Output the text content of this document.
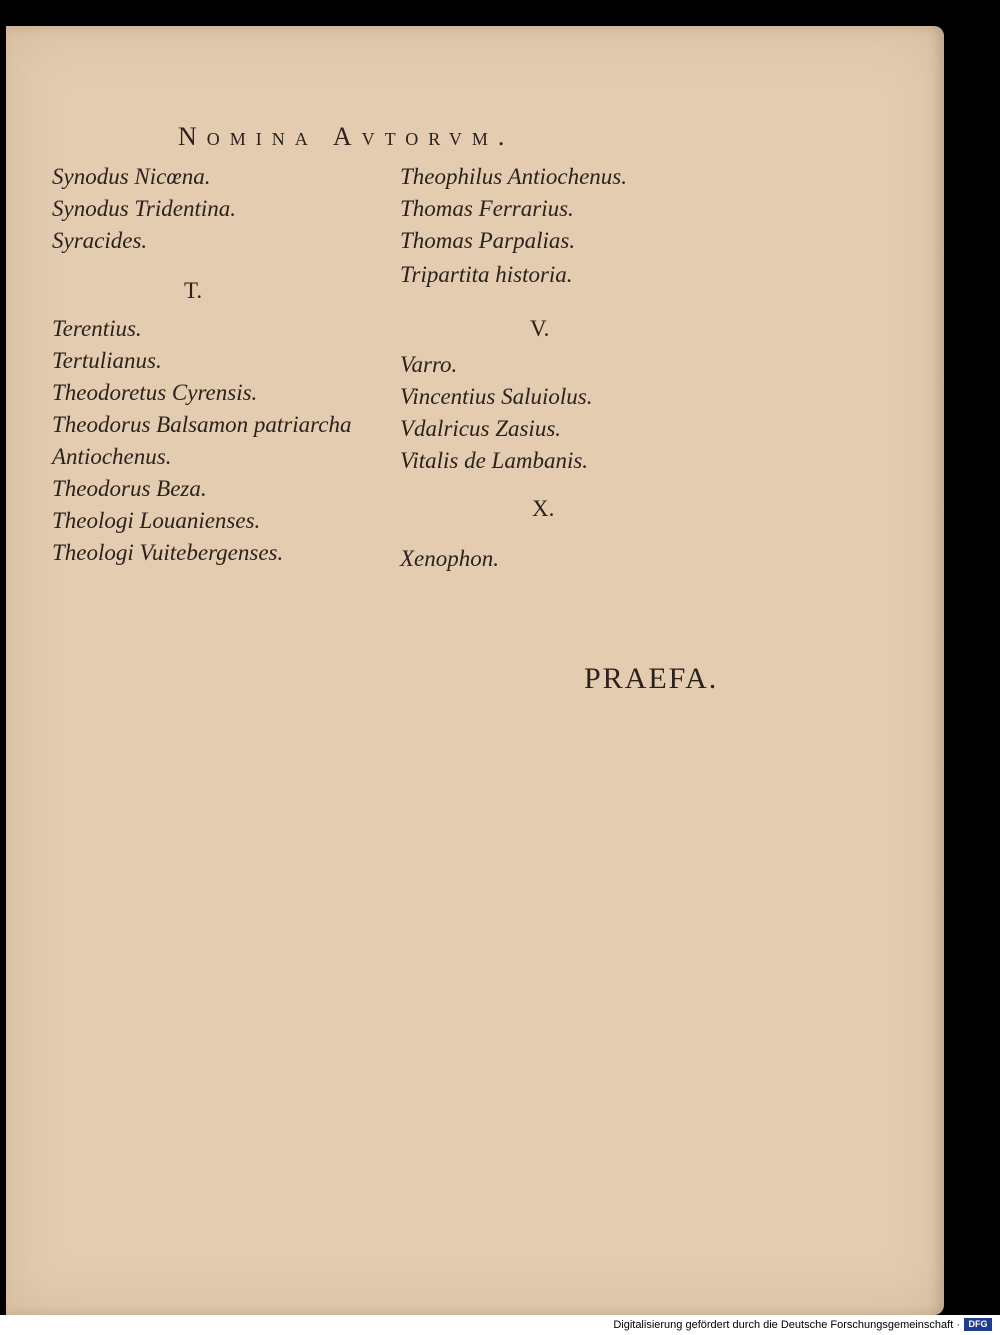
Nomina Avtorvm.
Synodus Nicœna.
Synodus Tridentina.
Syracides.
T.
Terentius.
Tertulianus.
Theodoretus Cyrensis.
Theodorus Balsamon patriarcha
Antiochenus.
Theodorus Beza.
Theologi Louanienses.
Theologi Vuitebergenses.
Theophilus Antiochenus.
Thomas Ferrarius.
Thomas Parpalias.
Tripartita historia.
V.
Varro.
Vincentius Saluiolus.
Vdalricus Zasius.
Vitalis de Lambanis.
X.
Xenophon.
PRAEFA.
Digitalisierung gefördert durch die Deutsche Forschungsgemeinschaft · DFG
